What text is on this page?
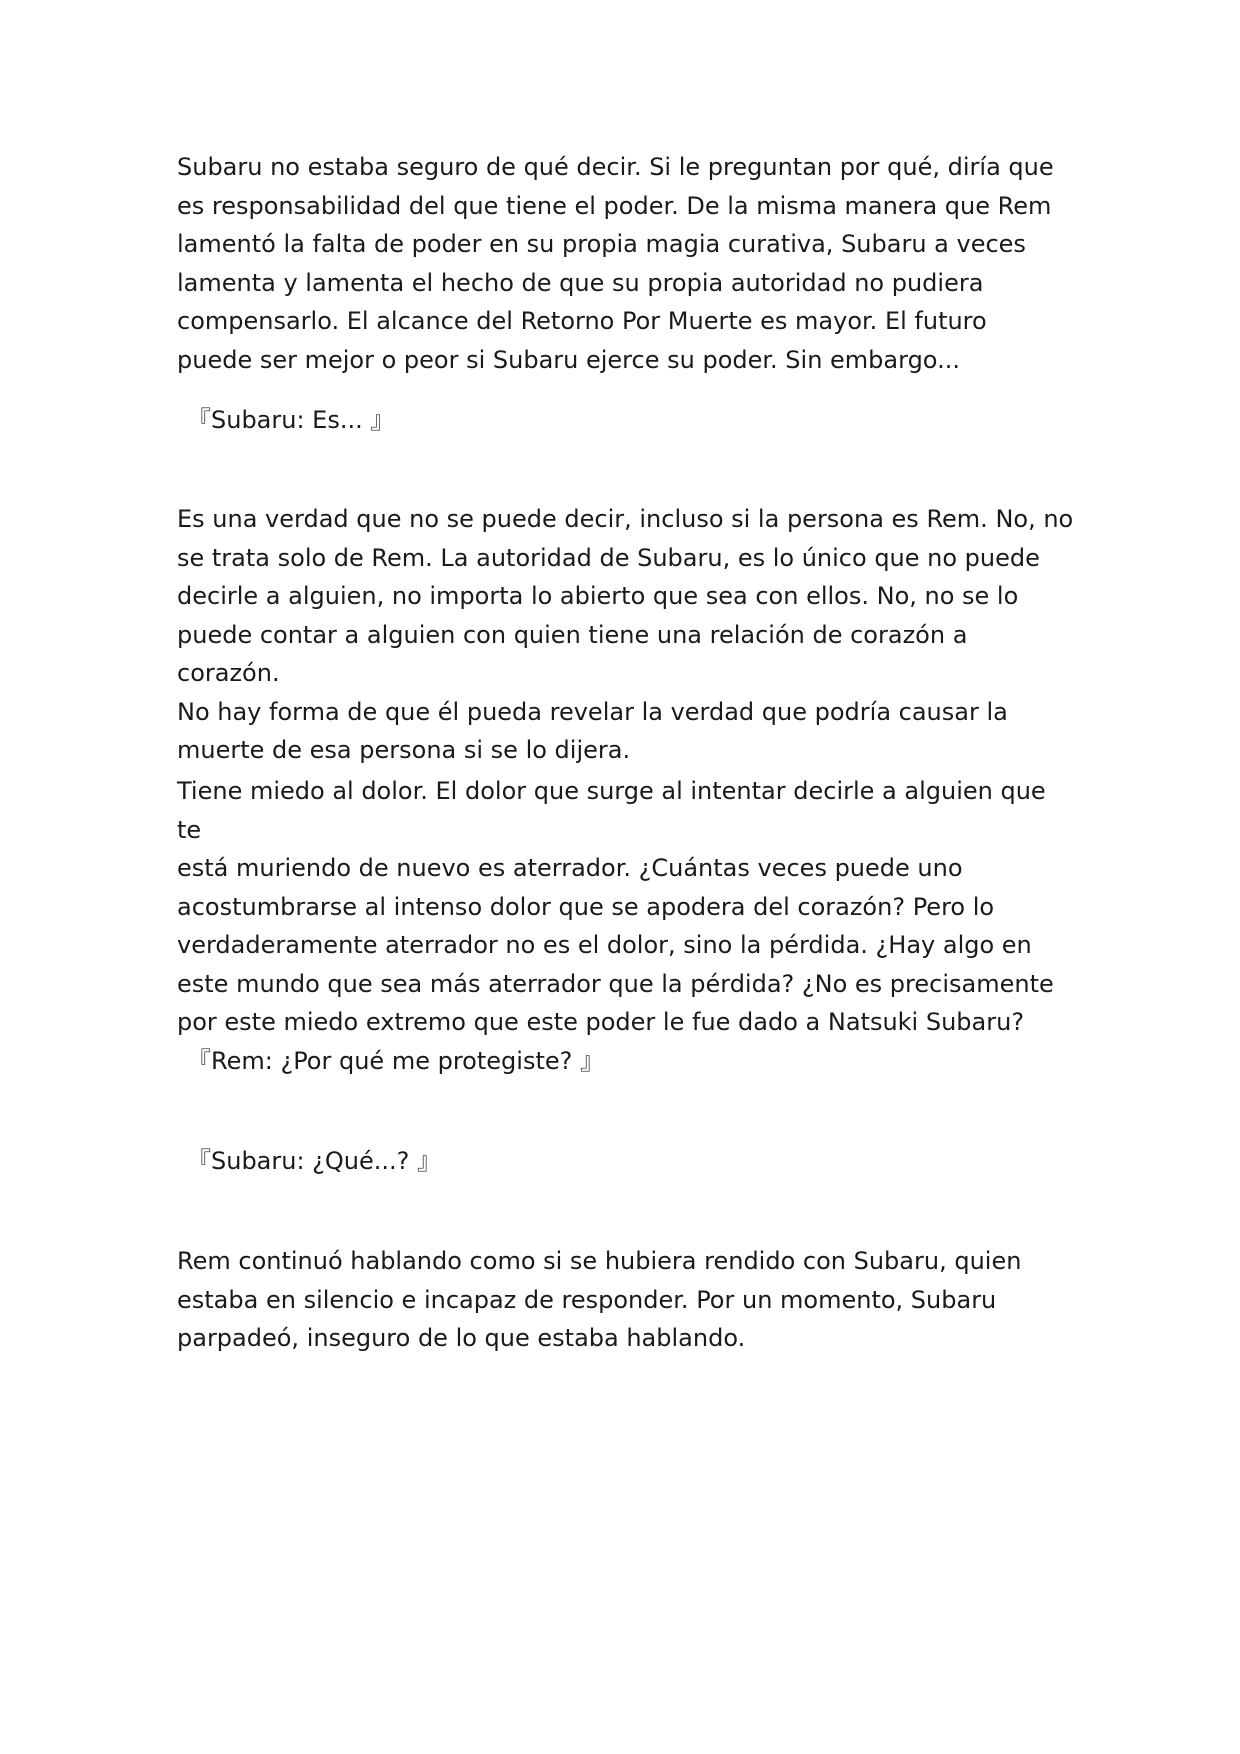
Subaru no estaba seguro de qué decir. Si le preguntan por qué, diría que
es responsabilidad del que tiene el poder. De la misma manera que Rem
lamentó la falta de poder en su propia magia curativa, Subaru a veces
lamenta y lamenta el hecho de que su propia autoridad no pudiera
compensarlo. El alcance del Retorno Por Muerte es mayor. El futuro
puede ser mejor o peor si Subaru ejerce su poder. Sin embargo...

『Subaru: Es... 』

Es una verdad que no se puede decir, incluso si la persona es Rem. No, no
se trata solo de Rem. La autoridad de Subaru, es lo único que no puede
decirle a alguien, no importa lo abierto que sea con ellos. No, no se lo
puede contar a alguien con quien tiene una relación de corazón a corazón.
No hay forma de que él pueda revelar la verdad que podría causar la
muerte de esa persona si se lo dijera.

Tiene miedo al dolor. El dolor que surge al intentar decirle a alguien que te
está muriendo de nuevo es aterrador. ¿Cuántas veces puede uno
acostumbrarse al intenso dolor que se apodera del corazón? Pero lo
verdaderamente aterrador no es el dolor, sino la pérdida. ¿Hay algo en
este mundo que sea más aterrador que la pérdida? ¿No es precisamente
por este miedo extremo que este poder le fue dado a Natsuki Subaru?

『Rem: ¿Por qué me protegiste? 』

『Subaru: ¿Qué...? 』

Rem continuó hablando como si se hubiera rendido con Subaru, quien
estaba en silencio e incapaz de responder. Por un momento, Subaru
parpadeó, inseguro de lo que estaba hablando.
